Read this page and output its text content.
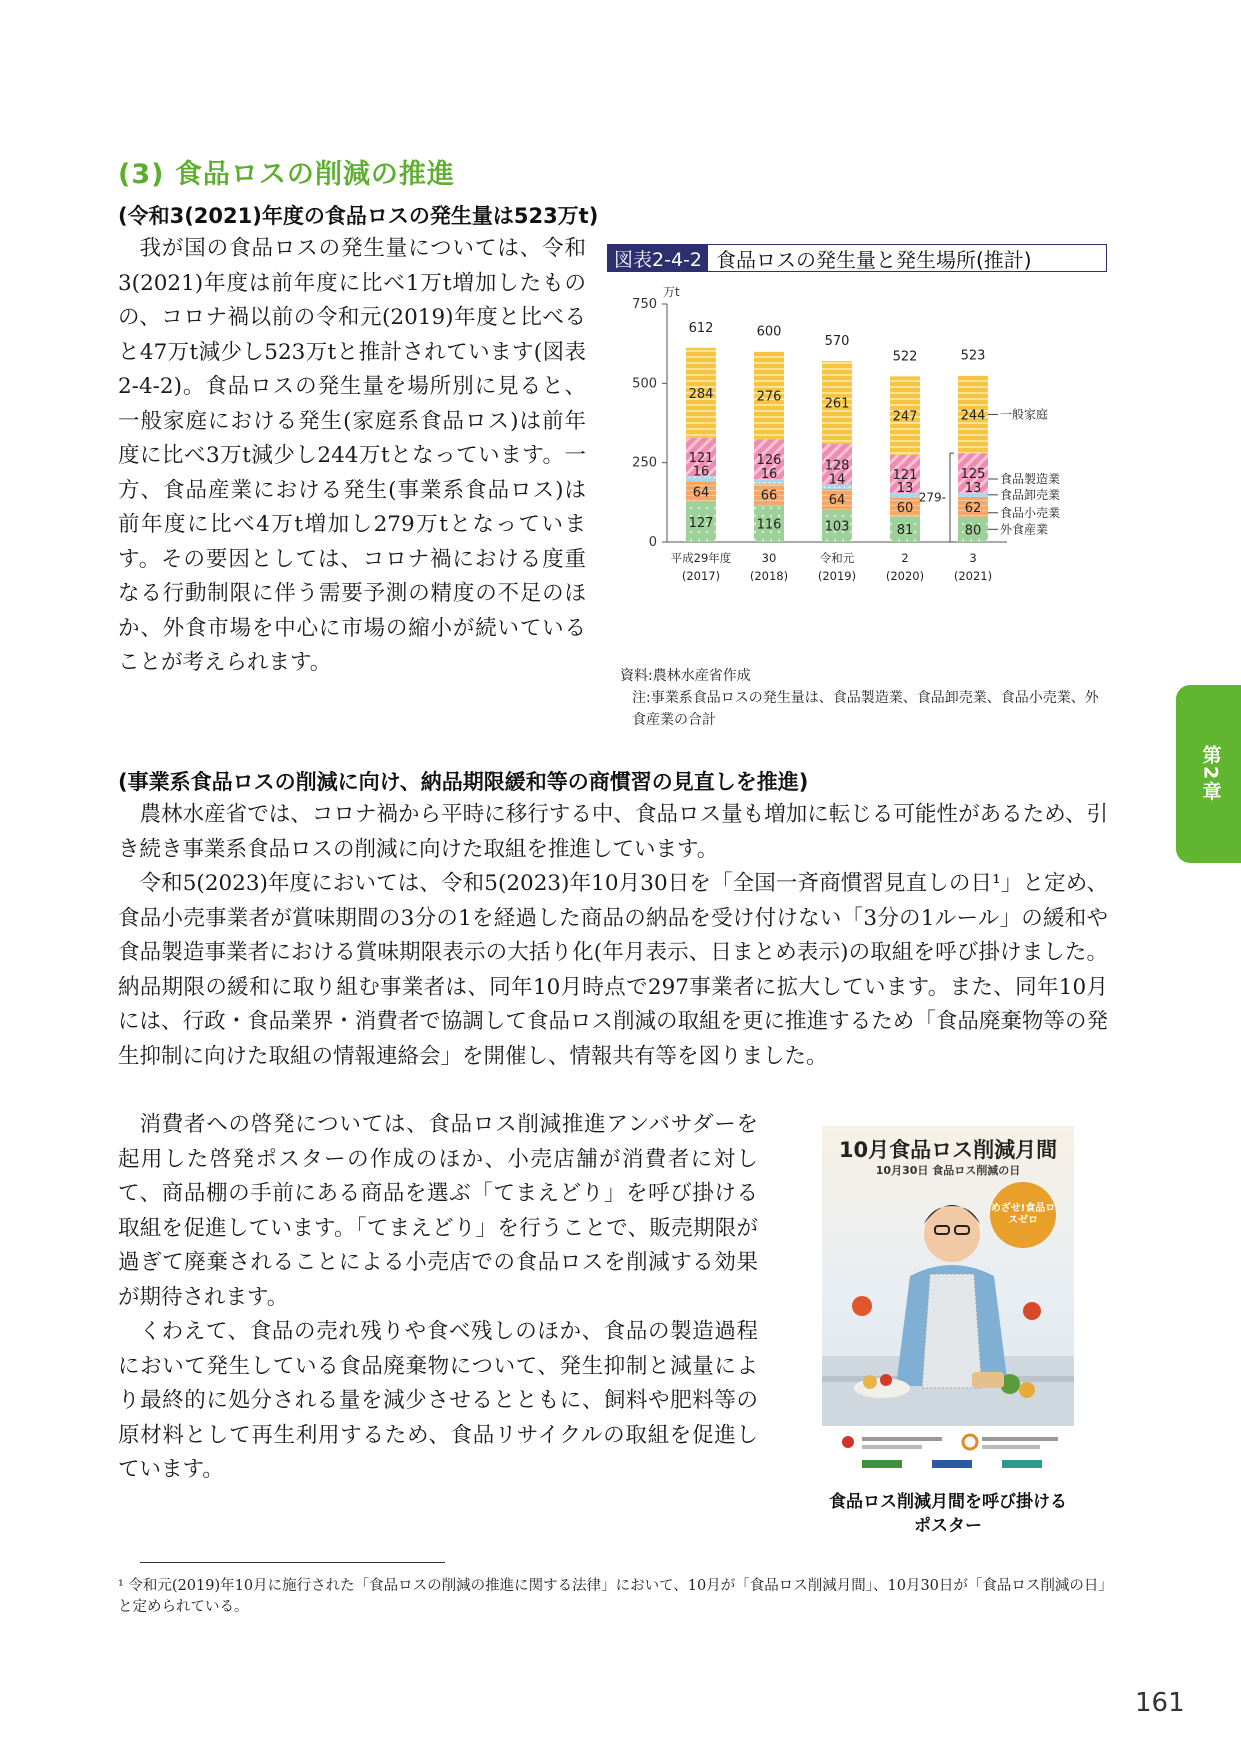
(3) 食品ロスの削減の推進
(令和3(2021)年度の食品ロスの発生量は523万t)

我が国の食品ロスの発生量については、令和3(2021)年度は前年度に比べ1万t増加したものの、コロナ禍以前の令和元(2019)年度と比べると47万t減少し523万tと推計されています(図表2-4-2)。食品ロスの発生量を場所別に見ると、一般家庭における発生(家庭系食品ロス)は前年度に比べ3万t減少し244万tとなっています。一方、食品産業における発生(事業系食品ロス)は前年度に比べ4万t増加し279万tとなっています。その要因としては、コロナ禍における度重なる行動制限に伴う需要予測の精度の不足のほか、外食市場を中心に市場の縮小が続いていることが考えられます。

図表2-4-2 食品ロスの発生量と発生場所(推計)
万t
0
250
500
750
127
64
16
121
284
612
平成29年度
(2017)
116
66
16
126
276
600
30
(2018)
103
64
14
128
261
570
令和元
(2019)
81
60
13
121
247
522
2
(2020)
80
62
13
125
244
523
3
(2021)
外食産業
食品小売業
食品卸売業
食品製造業
一般家庭
279-
資料:農林水産省作成
注:事業系食品ロスの発生量は、食品製造業、食品卸売業、食品小売業、外食産業の合計
第2章
(事業系食品ロスの削減に向け、納品期限緩和等の商慣習の見直しを推進)

農林水産省では、コロナ禍から平時に移行する中、食品ロス量も増加に転じる可能性があるため、引き続き事業系食品ロスの削減に向けた取組を推進しています。

令和5(2023)年度においては、令和5(2023)年10月30日を「全国一斉商慣習見直しの日¹」と定め、食品小売事業者が賞味期間の3分の1を経過した商品の納品を受け付けない「3分の1ルール」の緩和や食品製造事業者における賞味期限表示の大括り化(年月表示、日まとめ表示)の取組を呼び掛けました。納品期限の緩和に取り組む事業者は、同年10月時点で297事業者に拡大しています。また、同年10月には、行政・食品業界・消費者で協調して食品ロス削減の取組を更に推進するため「食品廃棄物等の発生抑制に向けた取組の情報連絡会」を開催し、情報共有等を図りました。

消費者への啓発については、食品ロス削減推進アンバサダーを起用した啓発ポスターの作成のほか、小売店舗が消費者に対して、商品棚の手前にある商品を選ぶ「てまえどり」を呼び掛ける取組を促進しています。「てまえどり」を行うことで、販売期限が過ぎて廃棄されることによる小売店での食品ロスを削減する効果が期待されます。

くわえて、食品の売れ残りや食べ残しのほか、食品の製造過程において発生している食品廃棄物について、発生抑制と減量により最終的に処分される量を減少させるとともに、飼料や肥料等の原材料として再生利用するため、食品リサイクルの取組を促進しています。

10月食品ロス削減月間
10月30日 食品ロス削減の日
めざせ!食品ロスゼロ
食品ロス削減月間を呼び掛けるポスター
¹ 令和元(2019)年10月に施行された「食品ロスの削減の推進に関する法律」において、10月が「食品ロス削減月間」、10月30日が「食品ロス削減の日」と定められている。
161
